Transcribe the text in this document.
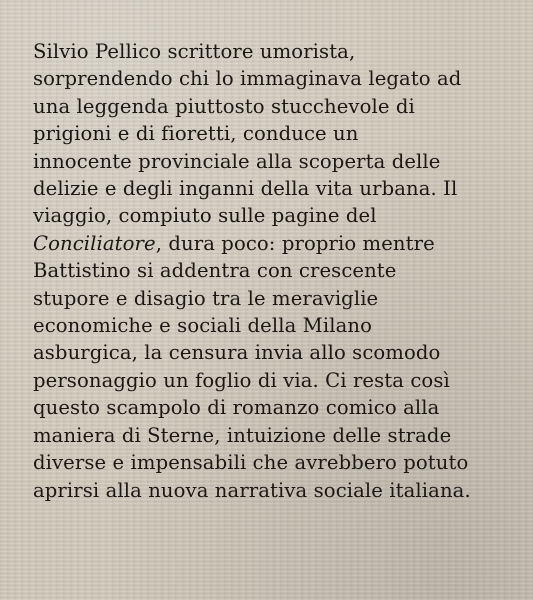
Silvio Pellico scrittore umorista,
sorprendendo chi lo immaginava legato ad
una leggenda piuttosto stucchevole di
prigioni e di fioretti, conduce un
innocente provinciale alla scoperta delle
delizie e degli inganni della vita urbana. Il
viaggio, compiuto sulle pagine del
Conciliatore, dura poco: proprio mentre
Battistino si addentra con crescente
stupore e disagio tra le meraviglie
economiche e sociali della Milano
asburgica, la censura invia allo scomodo
personaggio un foglio di via. Ci resta così
questo scampolo di romanzo comico alla
maniera di Sterne, intuizione delle strade
diverse e impensabili che avrebbero potuto
aprirsi alla nuova narrativa sociale italiana.
